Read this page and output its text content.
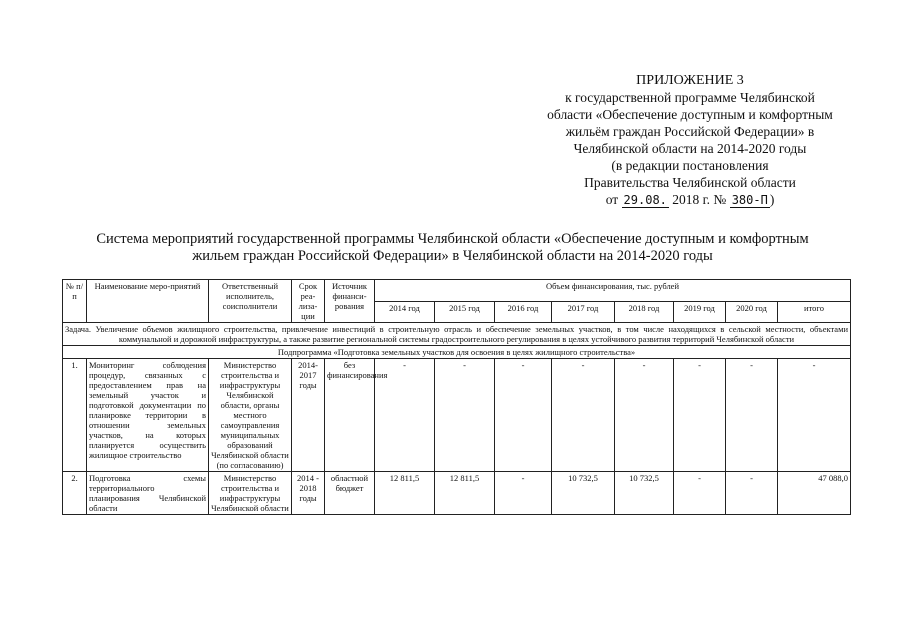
ПРИЛОЖЕНИЕ 3
к государственной программе Челябинской
области «Обеспечение доступным и комфортным
жильём граждан Российской Федерации» в
Челябинской области на 2014-2020 годы
(в редакции постановления
Правительства Челябинской области
от 29.08. 2018 г. № 380-П )
Система мероприятий государственной программы Челябинской области «Обеспечение доступным и комфортным
жильем граждан Российской Федерации» в Челябинской области на 2014-2020 годы
№ п/п	Наименование меро-приятий	Ответственный исполнитель, соисполнители	Срок реа-лиза-ции	Источник финанси-рования	Объем финансирования, тыс. рублей							
					2014 год	2015 год	2016 год	2017 год	2018 год	2019 год	2020 год	итого
Задача. Увеличение объемов жилищного строительства, привлечение инвестиций в строительную отрасль и обеспечение земельных участков, в том числе находящихся в сельской местности, объектами коммунальной и дорожной инфраструктуры, а также развитие региональной системы градостроительного регулирования в целях устойчивого развития территорий Челябинской области												
Подпрограмма «Подготовка земельных участков для освоения в целях жилищного строительства»												
1.	Мониторинг соблюдения процедур, связанных с предоставлением прав на земельный участок и подготовкой документации по планировке территории в отношении земельных участков, на которых планируется осуществить жилищное строительство	Министерство строительства и инфраструктуры Челябинской области, органы местного самоуправления муниципальных образований Челябинской области (по согласованию)	2014-2017 годы	без финансирования	-	-	-	-	-	-	-	-
2.	Подготовка схемы территориального планирования Челябинской области	Министерство строительства и инфраструктуры Челябинской области	2014 - 2018 годы	областной бюджет	12 811,5	12 811,5	-	10 732,5	10 732,5	-	-	47 088,0
